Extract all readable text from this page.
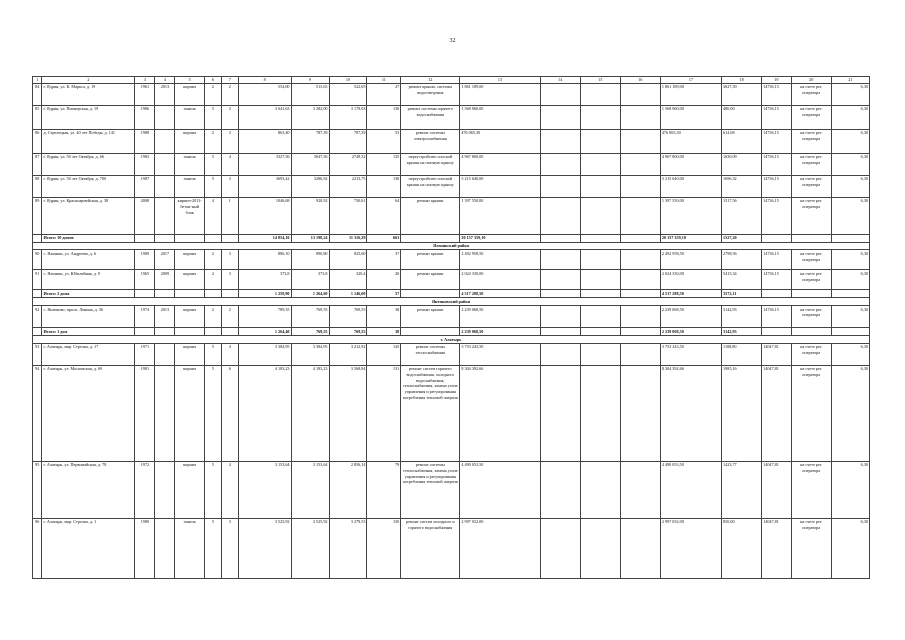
32
1	2	3	4	5	6	7	8	9	10	11	12	13	14	15	16	17	18	19	20	21
84	г. Ядрин, ул. К. Маркса, д. 19	1961	2013	кирпич	2	2	554,00	513,65	522,65	27	ремонт крыши, системы водоотведения	1 861 189,00				1 861 189,00	3627,39	14736,15	на счете рег. оператора	6,30
85	г. Ядрин, ул. Пионерская, д. 19	1986		панель	5	3	3 641,63	3 282,00	3 179,03	138	ремонт системы горячего водоснабжения	1 568 960,00				1 568 960,00	480,00	14736,15	на счете рег. оператора	6,30
86	д. Стрелецкая, ул. 40 лет Победы, д. 141	1988		кирпич	2	3	863,40	787,39	787,39	53	ремонт системы электроснабжения	476 065,30				476 065,30	614,68	14736,15	на счете рег. оператора	6,30
87	г. Ядрин, ул. 50 лет Октября, д. 66	1983		панель	5	4	3327,56	3047,56	2749,32	125	переустройство плоской крыши на скатную крышу	4 967 800,00				4 967 800,00	1630,09	14736,15	на счете рег. оператора	6,30
88	г. Ядрин, ул. 50 лет Октября, д. 70б	1987		панель	5	3	3693,42	3286,92	2213,75	138	переустройство плоской крыши на скатную крышу	5 215 640,00				5 215 640,00	1696,32	14736,15	на счете рег. оператора	6,30
89	г. Ядрин, ул. Красноармейская, д. 38	2008		кирпич-2013-бетон-ный блок	4	1	1046,68	920,92	730,61	64	ремонт крыши	1 397 550,00				1 397 550,00	1517,56	14736,15	на счете рег. оператора	6,30
	Итого: 10 домов						14 854,16	13 198,24	11 316,29	663		20 157 359,10				20 157 359,10	1527,20			
Яльчикский район																				
90	с. Яльчики, ул. Андреева, д. 6	1989	2017	кирпич	2	3	886,10	890,80	825,60	37	ремонт крыши	2 492 958,50				2 492 958,50	2798,56	14736,15	на счете рег. оператора	6,30
91	с. Яльчики, ул. Юбилейная, д. 9	1965	2009	кирпич	2	3	373,8	373,8	320,4	20	ремонт крыши	2 024 330,00				2 024 330,00	5415,34	14736,15	на счете рег. оператора	6,30
	Итого: 2 дома						1 259,90	1 264,60	1 146,00	57		4 517 288,50				4 517 288,50	3572,11			
Янтиковский район																				
92	с. Янтиково, просп. Ленина, д. 36	1974	2013	кирпич	2	2	789,35	769,55	769,55	38	ремонт крыши	2 239 068,50				2 239 068,50	3142,93	14736,15	на счете рег. оператора	6,30
	Итого: 1 дом						1 264,40	769,55	769,55	38		2 239 068,50				2 239 068,50	3142,93			
г. Алатырь																				
93	г. Алатырь, мкр. Стрелка, д. 17	1971		кирпич	5	4	3 384,95	3 384,95	3 212,92	145	ремонт системы теплоснабжения	3 753 243,50				3 753 243,50	1108,80	14047,81	на счете рег. оператора	6,30
94	г. Алатырь, ул. Московская, д. 69	1981		кирпич	5	6	4 183,23	4 183,23	3 568,84	131	ремонт систем горячего водоснабжения, холодного водоснабжения, теплоснабжения, замена узлов управления и регулирования потребления тепловой энергии	8 304 392,66				8 304 392,66	1985,16	14047,81	на счете рег. оператора	6,30
95	г. Алатырь, ул. Первомайская, д. 78	1972		кирпич	5	4	3 153,64	3 153,64	2 856,14	79	ремонт системы теплоснабжения, замена узлов управления и регулирования потребления тепловой энергии	4 490 053,50				4 490 053,50	1423,77	14047,81	на счете рег. оператора	6,30
96	г. Алатырь, мкр. Стрелка, д. 1	1980		панель	5	3	3 525,92	3 525,92	3 279,53	150	ремонт систем холодного и горячего водоснабжения	2 997 032,00				2 997 032,00	850,00	14047,81	на счете рег. оператора	6,30
